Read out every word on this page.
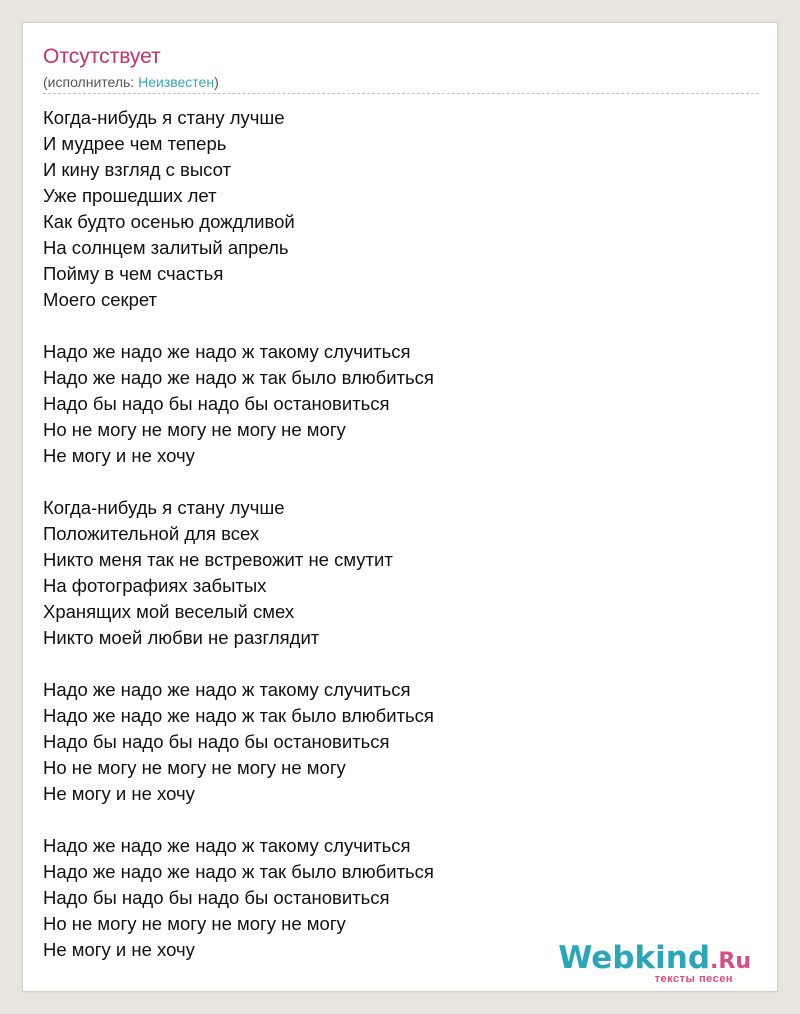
Отсутствует
(исполнитель: Неизвестен)
Когда-нибудь я стану лучше
И мудрее чем теперь
И кину взгляд с высот
Уже прошедших лет
Как будто осенью дождливой
На солнцем залитый апрель
Пойму в чем счастья
Моего секрет
Надо же надо же надо ж такому случиться
Надо же надо же надо ж так было влюбиться
Надо бы надо бы надо бы остановиться
Но не могу не могу не могу не могу
Не могу и не хочу
Когда-нибудь я стану лучше
Положительной для всех
Никто меня так не встревожит не смутит
На фотографиях забытых
Хранящих мой веселый смех
Никто моей любви не разглядит
Надо же надо же надо ж такому случиться
Надо же надо же надо ж так было влюбиться
Надо бы надо бы надо бы остановиться
Но не могу не могу не могу не могу
Не могу и не хочу
Надо же надо же надо ж такому случиться
Надо же надо же надо ж так было влюбиться
Надо бы надо бы надо бы остановиться
Но не могу не могу не могу не могу
Не могу и не хочу	Webkind.Ru
тексты песен
